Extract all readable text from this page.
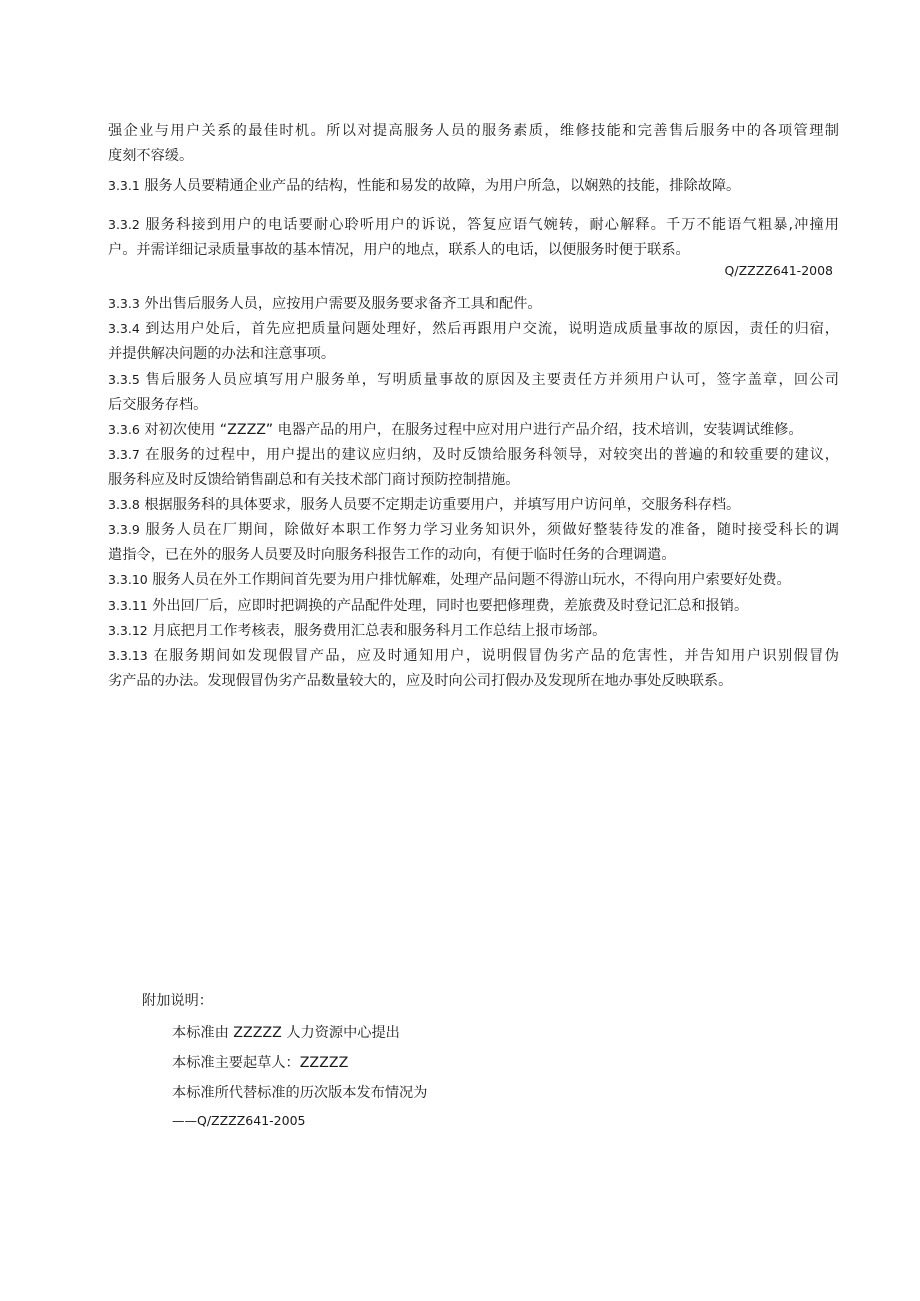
强企业与用户关系的最佳时机。所以对提高服务人员的服务素质，维修技能和完善售后服务中的各项管理制
度刻不容缓。
3.3.1 服务人员要精通企业产品的结构，性能和易发的故障，为用户所急，以娴熟的技能，排除故障。
3.3.2 服务科接到用户的电话要耐心聆听用户的诉说，答复应语气婉转，耐心解释。千万不能语气粗暴,冲撞用
户。并需详细记录质量事故的基本情况，用户的地点，联系人的电话，以便服务时便于联系。
Q/ZZZZ641-2008
3.3.3 外出售后服务人员，应按用户需要及服务要求备齐工具和配件。
3.3.4 到达用户处后，首先应把质量问题处理好，然后再跟用户交流，说明造成质量事故的原因，责任的归宿，
并提供解决问题的办法和注意事项。
3.3.5 售后服务人员应填写用户服务单，写明质量事故的原因及主要责任方并须用户认可，签字盖章，回公司
后交服务存档。
3.3.6 对初次使用 “ZZZZ” 电器产品的用户，在服务过程中应对用户进行产品介绍，技术培训，安装调试维修。
3.3.7 在服务的过程中，用户提出的建议应归纳，及时反馈给服务科领导，对较突出的普遍的和较重要的建议，
服务科应及时反馈给销售副总和有关技术部门商讨预防控制措施。
3.3.8 根据服务科的具体要求，服务人员要不定期走访重要用户，并填写用户访问单，交服务科存档。
3.3.9 服务人员在厂期间，除做好本职工作努力学习业务知识外，须做好整装待发的准备，随时接受科长的调
遣指令，已在外的服务人员要及时向服务科报告工作的动向，有便于临时任务的合理调遣。
3.3.10 服务人员在外工作期间首先要为用户排忧解难，处理产品问题不得游山玩水，不得向用户索要好处费。
3.3.11 外出回厂后，应即时把调换的产品配件处理，同时也要把修理费，差旅费及时登记汇总和报销。
3.3.12 月底把月工作考核表，服务费用汇总表和服务科月工作总结上报市场部。
3.3.13 在服务期间如发现假冒产品，应及时通知用户，说明假冒伪劣产品的危害性，并告知用户识别假冒伪
劣产品的办法。发现假冒伪劣产品数量较大的，应及时向公司打假办及发现所在地办事处反映联系。
附加说明：
本标准由 ZZZZZ 人力资源中心提出
本标准主要起草人：ZZZZZ
本标准所代替标准的历次版本发布情况为
——Q/ZZZZ641-2005
